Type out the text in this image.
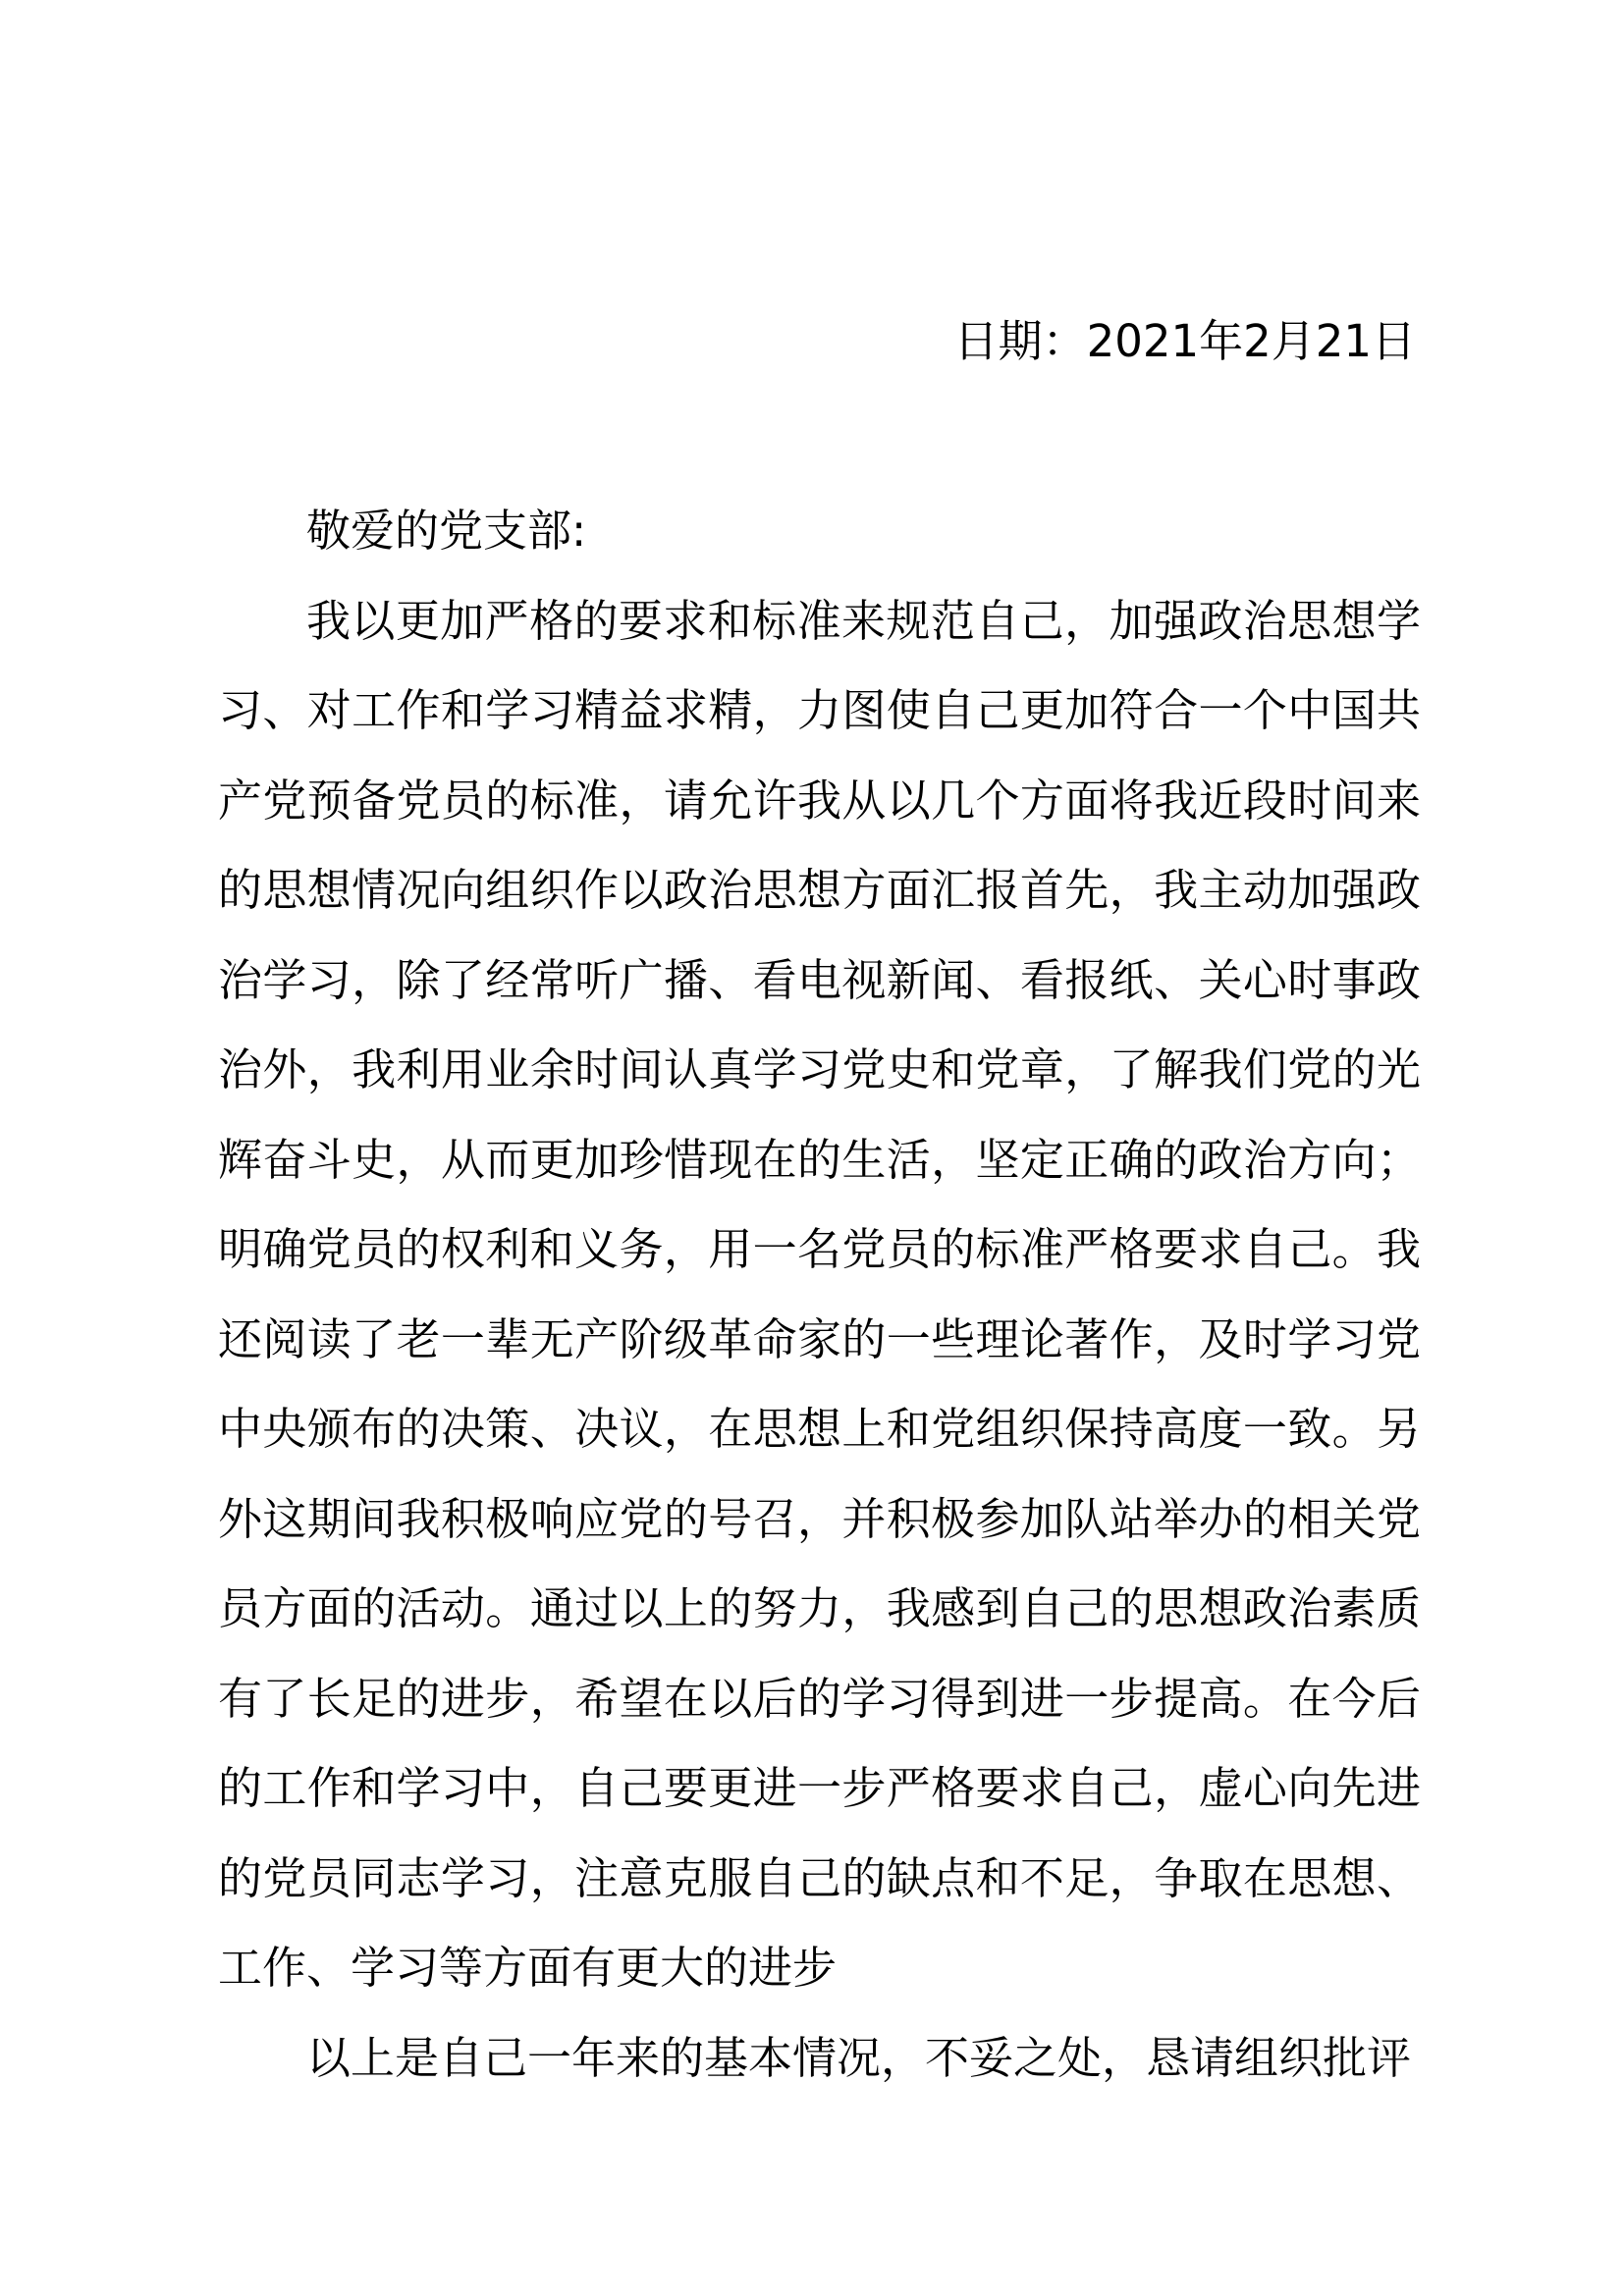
日期：2021年2月21日

敬爱的党支部:

我以更加严格的要求和标准来规范自己，加强政治思想学习、对工作和学习精益求精，力图使自己更加符合一个中国共产党预备党员的标准，请允许我从以几个方面将我近段时间来的思想情况向组织作以政治思想方面汇报首先，我主动加强政治学习，除了经常听广播、看电视新闻、看报纸、关心时事政治外，我利用业余时间认真学习党史和党章，了解我们党的光辉奋斗史，从而更加珍惜现在的生活，坚定正确的政治方向；明确党员的权利和义务，用一名党员的标准严格要求自己。我还阅读了老一辈无产阶级革命家的一些理论著作，及时学习党中央颁布的决策、决议，在思想上和党组织保持高度一致。另外这期间我积极响应党的号召，并积极参加队站举办的相关党员方面的活动。通过以上的努力，我感到自己的思想政治素质有了长足的进步，希望在以后的学习得到进一步提高。在今后的工作和学习中，自己要更进一步严格要求自己，虚心向先进的党员同志学习，注意克服自己的缺点和不足，争取在思想、工作、学习等方面有更大的进步

以上是自己一年来的基本情况，不妥之处，恳请组织批评
